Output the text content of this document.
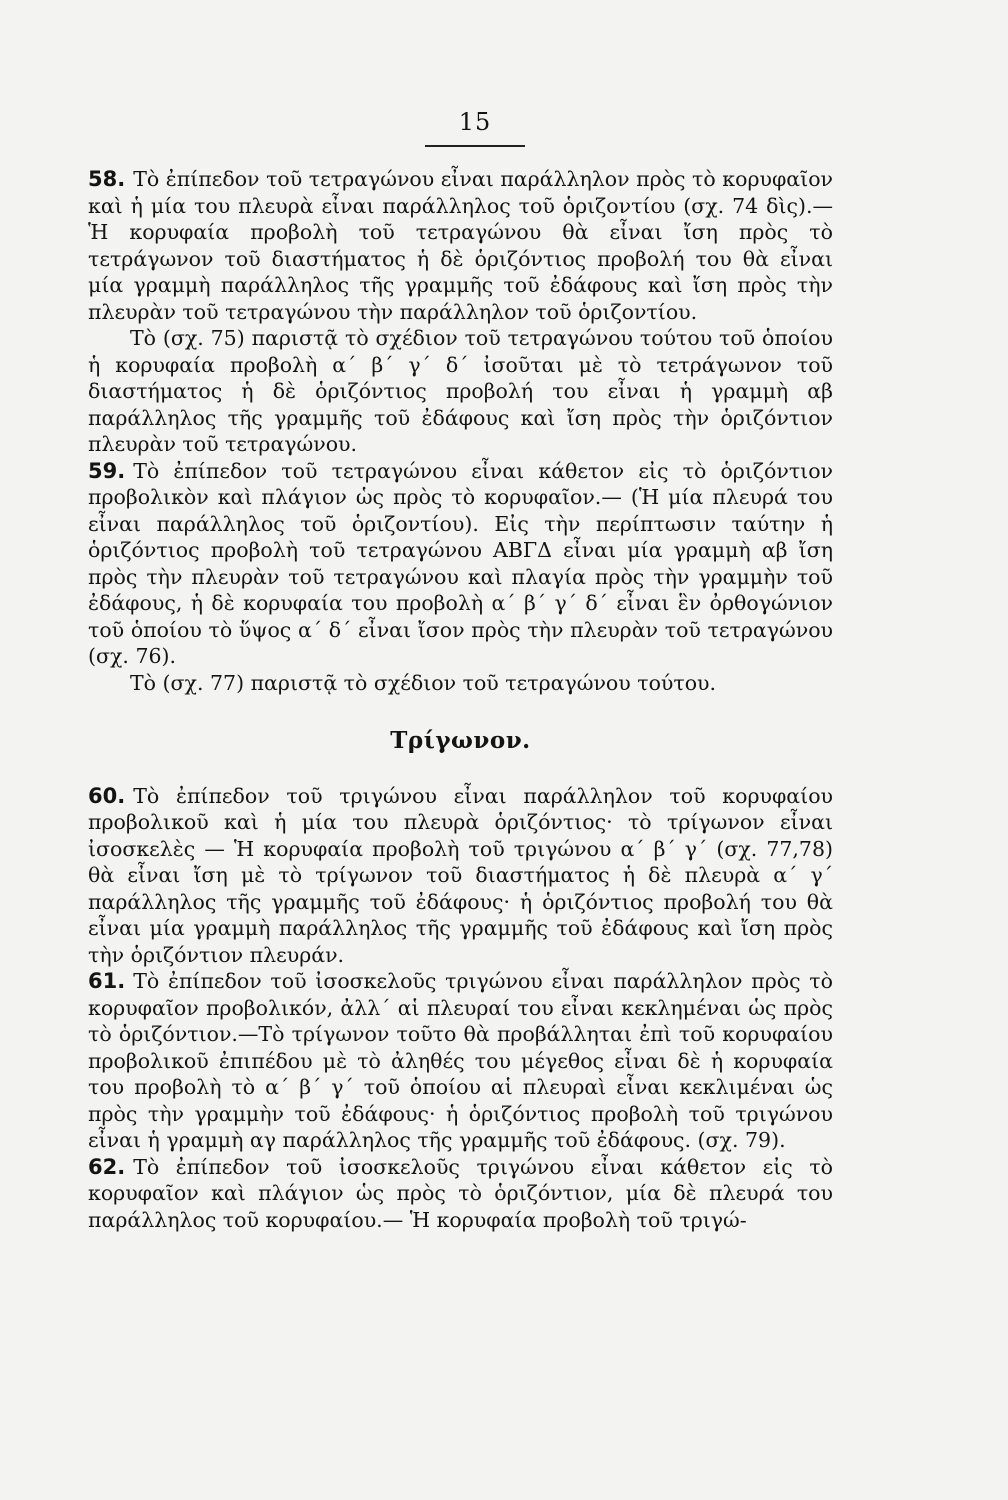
15

58. Τὸ ἐπίπεδον τοῦ τετραγώνου εἶναι παράλληλον πρὸς τὸ κορυφαῖον καὶ ἡ μία του πλευρὰ εἶναι παράλληλος τοῦ ὁριζοντίου (σχ. 74 δὶς).— Ἡ κορυφαία προβολὴ τοῦ τετραγώνου θὰ εἶναι ἴση πρὸς τὸ τετράγωνον τοῦ διαστήματος ἡ δὲ ὁριζόντιος προβολή του θὰ εἶναι μία γραμμὴ παράλληλος τῆς γραμμῆς τοῦ ἐδάφους καὶ ἴση πρὸς τὴν πλευρὰν τοῦ τετραγώνου τὴν παράλληλον τοῦ ὁριζοντίου.

Τὸ (σχ. 75) παριστᾷ τὸ σχέδιον τοῦ τετραγώνου τούτου τοῦ ὁποίου ἡ κορυφαία προβολὴ α΄ β΄ γ΄ δ΄ ἰσοῦται μὲ τὸ τετράγωνον τοῦ διαστήματος ἡ δὲ ὁριζόντιος προβολή του εἶναι ἡ γραμμὴ αβ παράλληλος τῆς γραμμῆς τοῦ ἐδάφους καὶ ἴση πρὸς τὴν ὁριζόντιον πλευρὰν τοῦ τετραγώνου.

59. Τὸ ἐπίπεδον τοῦ τετραγώνου εἶναι κάθετον εἰς τὸ ὁριζόντιον προβολικὸν καὶ πλάγιον ὡς πρὸς τὸ κορυφαῖον.— (Ἡ μία πλευρά του εἶναι παράλληλος τοῦ ὁριζοντίου). Εἰς τὴν περίπτωσιν ταύτην ἡ ὁριζόντιος προβολὴ τοῦ τετραγώνου ΑΒΓΔ εἶναι μία γραμμὴ αβ ἴση πρὸς τὴν πλευρὰν τοῦ τετραγώνου καὶ πλαγία πρὸς τὴν γραμμὴν τοῦ ἐδάφους, ἡ δὲ κορυφαία του προβολὴ α΄ β΄ γ΄ δ΄ εἶναι ἓν ὀρθογώνιον τοῦ ὁποίου τὸ ὕψος α΄ δ΄ εἶναι ἴσον πρὸς τὴν πλευρὰν τοῦ τετραγώνου (σχ. 76).

Τὸ (σχ. 77) παριστᾷ τὸ σχέδιον τοῦ τετραγώνου τούτου.

Τρίγωνον.

60. Τὸ ἐπίπεδον τοῦ τριγώνου εἶναι παράλληλον τοῦ κορυφαίου προβολικοῦ καὶ ἡ μία του πλευρὰ ὁριζόντιος· τὸ τρίγωνον εἶναι ἰσοσκελὲς — Ἡ κορυφαία προβολὴ τοῦ τριγώνου α΄ β΄ γ΄ (σχ. 77,78) θὰ εἶναι ἴση μὲ τὸ τρίγωνον τοῦ διαστήματος ἡ δὲ πλευρὰ α΄ γ΄ παράλληλος τῆς γραμμῆς τοῦ ἐδάφους· ἡ ὁριζόντιος προβολή του θὰ εἶναι μία γραμμὴ παράλληλος τῆς γραμμῆς τοῦ ἐδάφους καὶ ἴση πρὸς τὴν ὁριζόντιον πλευράν.

61. Τὸ ἐπίπεδον τοῦ ἰσοσκελοῦς τριγώνου εἶναι παράλληλον πρὸς τὸ κορυφαῖον προβολικόν, ἀλλ΄ αἱ πλευραί του εἶναι κεκλημέναι ὡς πρὸς τὸ ὁριζόντιον.—Τὸ τρίγωνον τοῦτο θὰ προβάλληται ἐπὶ τοῦ κορυφαίου προβολικοῦ ἐπιπέδου μὲ τὸ ἀληθές του μέγεθος εἶναι δὲ ἡ κορυφαία του προβολὴ τὸ α΄ β΄ γ΄ τοῦ ὁποίου αἱ πλευραὶ εἶναι κεκλιμέναι ὡς πρὸς τὴν γραμμὴν τοῦ ἐδάφους· ἡ ὁριζόντιος προβολὴ τοῦ τριγώνου εἶναι ἡ γραμμὴ αγ παράλληλος τῆς γραμμῆς τοῦ ἐδάφους. (σχ. 79).

62. Τὸ ἐπίπεδον τοῦ ἰσοσκελοῦς τριγώνου εἶναι κάθετον εἰς τὸ κορυφαῖον καὶ πλάγιον ὡς πρὸς τὸ ὁριζόντιον, μία δὲ πλευρά του παράλληλος τοῦ κορυφαίου.— Ἡ κορυφαία προβολὴ τοῦ τριγώ-
